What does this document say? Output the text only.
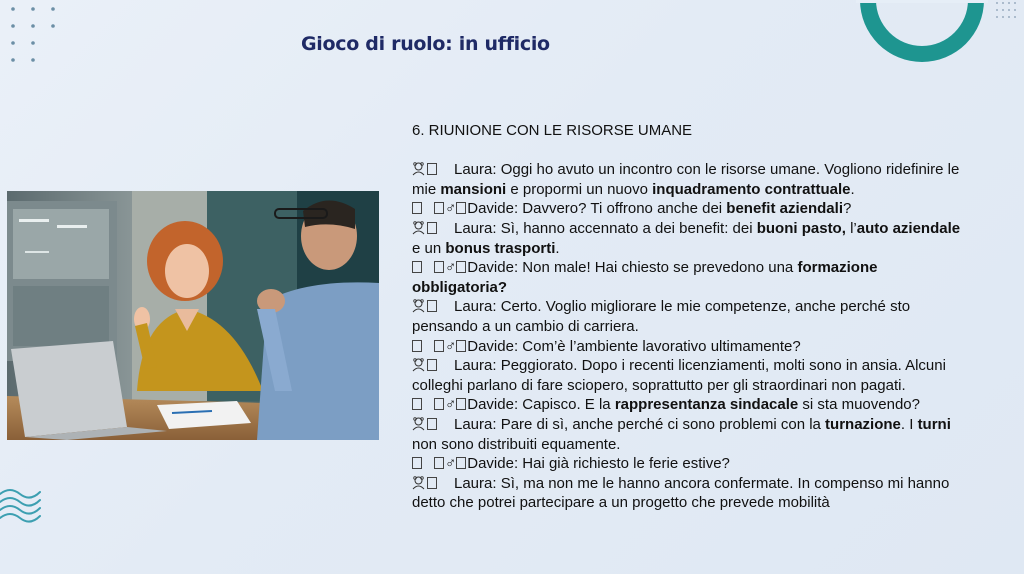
Gioco di ruolo: in ufficio

6. RIUNIONE CON LE RISORSE UMANE

Laura: Oggi ho avuto un incontro con le risorse umane. Vogliono ridefinire le mie mansioni e propormi un nuovo inquadramento contrattuale.

♂ Davide: Davvero? Ti offrono anche dei benefit aziendali?

Laura: Sì, hanno accennato a dei benefit: dei buoni pasto, l’auto aziendale e un bonus trasporti.

♂ Davide: Non male! Hai chiesto se prevedono una formazione obbligatoria?

Laura: Certo. Voglio migliorare le mie competenze, anche perché sto pensando a un cambio di carriera.

♂ Davide: Com’è l’ambiente lavorativo ultimamente?

Laura: Peggiorato. Dopo i recenti licenziamenti, molti sono in ansia. Alcuni colleghi parlano di fare sciopero, soprattutto per gli straordinari non pagati.

♂ Davide: Capisco. E la rappresentanza sindacale si sta muovendo?

Laura: Pare di sì, anche perché ci sono problemi con la turnazione. I turni non sono distribuiti equamente.

♂ Davide: Hai già richiesto le ferie estive?

Laura: Sì, ma non me le hanno ancora confermate. In compenso mi hanno detto che potrei partecipare a un progetto che prevede mobilità
